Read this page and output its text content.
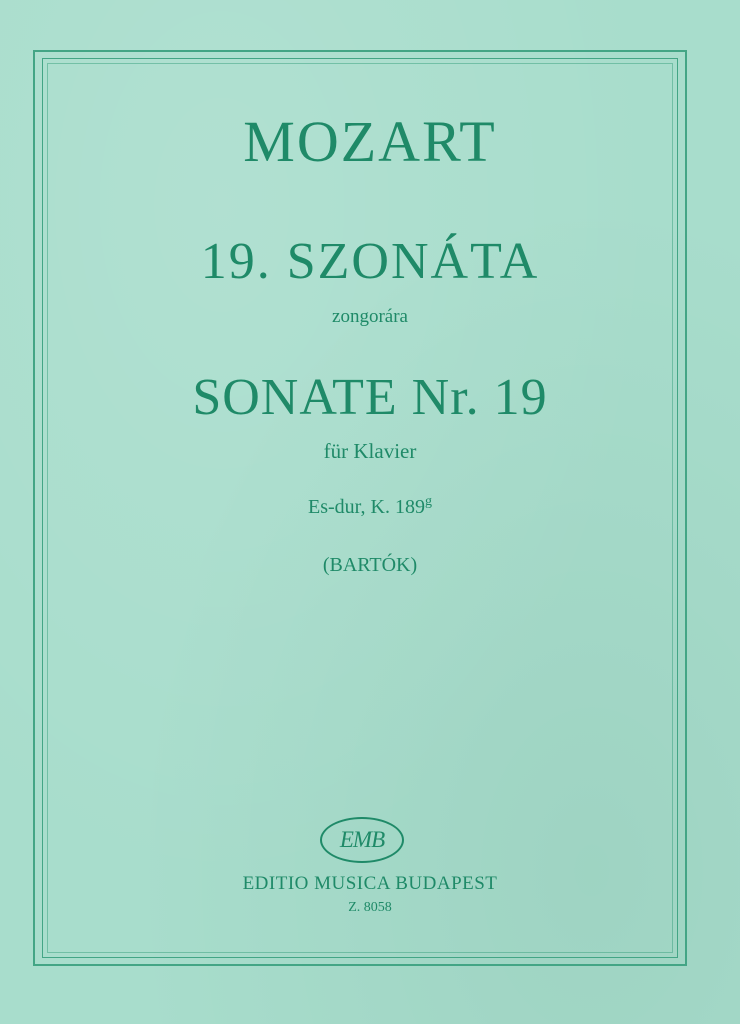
MOZART
19. SZONÁTA
zongorára
SONATE Nr. 19
für Klavier
Es-dur, K. 189$^g$
(BARTÓK)
EMB
EDITIO MUSICA BUDAPEST
Z. 8058
